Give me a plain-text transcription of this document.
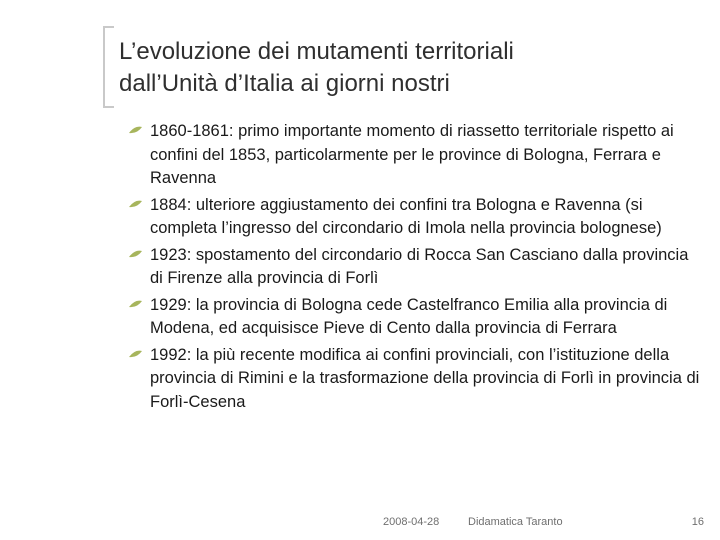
L’evoluzione dei mutamenti territoriali
dall’Unità d’Italia ai giorni nostri
1860-1861: primo importante momento di riassetto territoriale rispetto ai confini del 1853, particolarmente per le province di Bologna, Ferrara e Ravenna
1884: ulteriore aggiustamento dei confini tra Bologna e Ravenna (si completa l’ingresso del circondario di Imola nella provincia bolognese)
1923: spostamento del circondario di Rocca San Casciano dalla provincia di Firenze alla provincia di Forlì
1929: la provincia di Bologna cede Castelfranco Emilia alla provincia di Modena, ed acquisisce Pieve di Cento dalla provincia di Ferrara
1992: la più recente modifica ai confini provinciali, con l’istituzione della provincia di Rimini e la trasformazione della provincia di Forlì in provincia di Forlì-Cesena
2008-04-28	Didamatica Taranto	16
